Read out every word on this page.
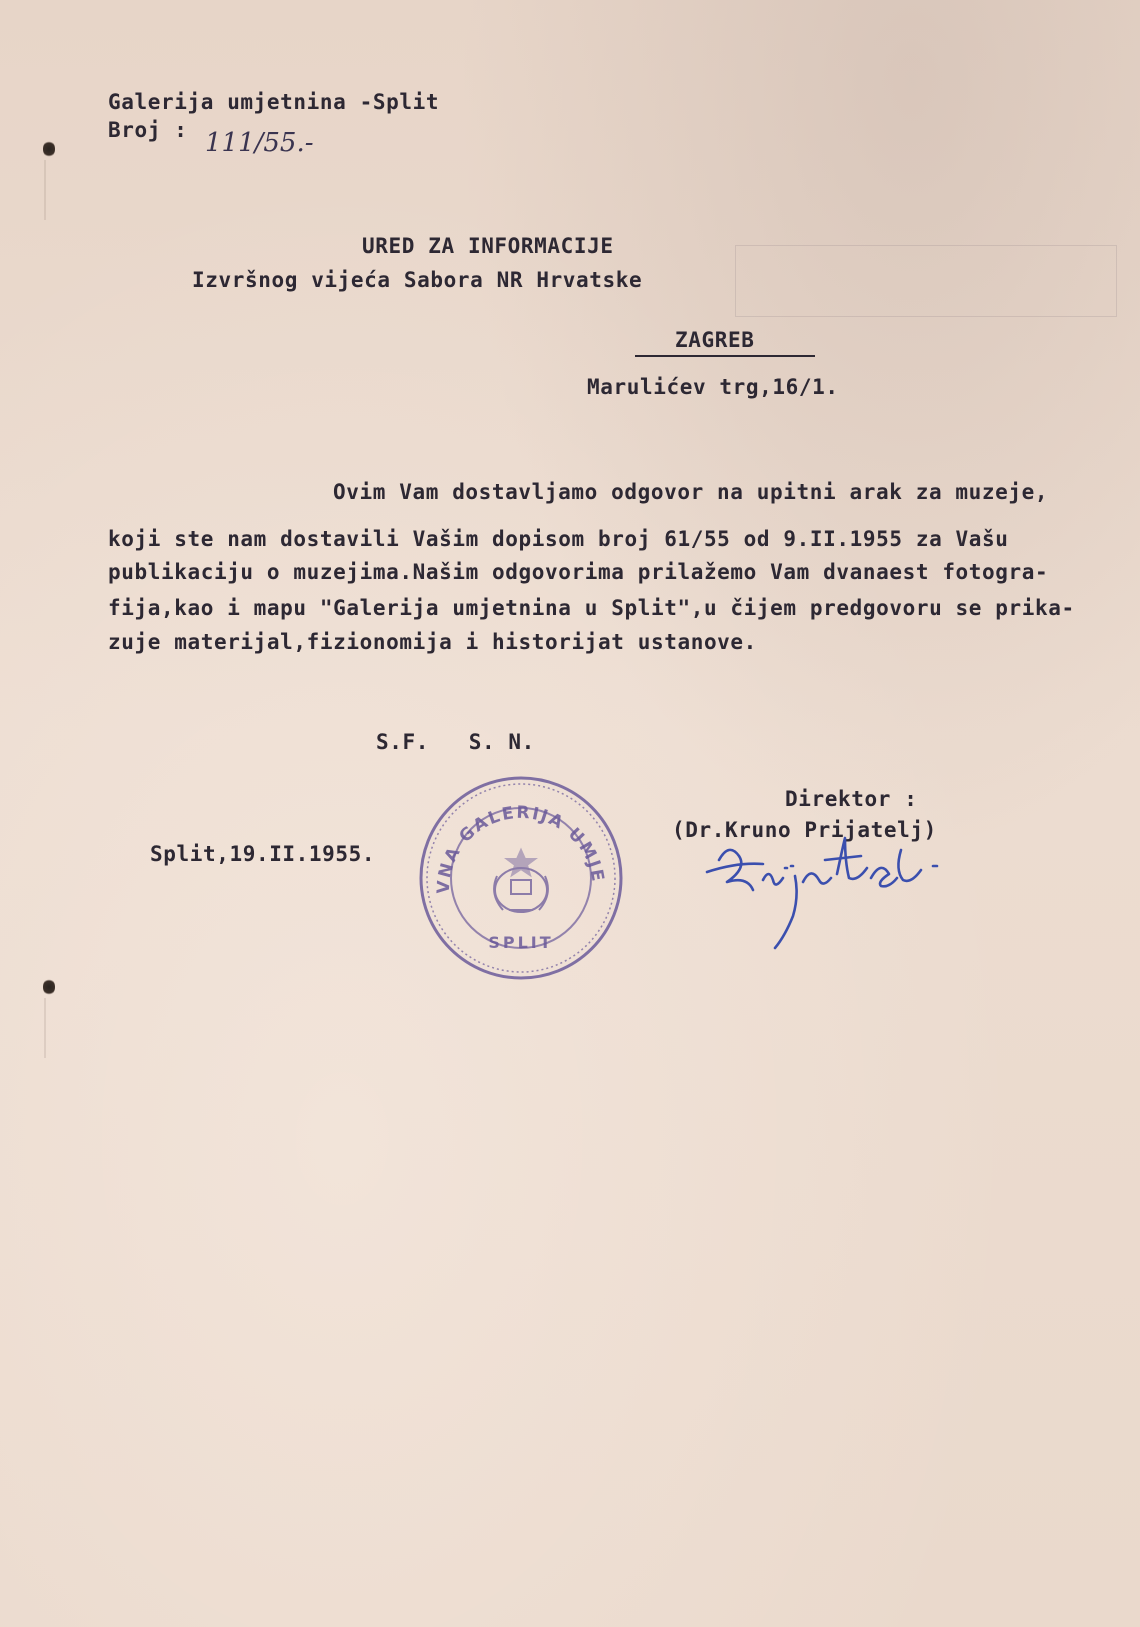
Galerija umjetnina -Split
Broj : 111/55.-
URED ZA INFORMACIJE
Izvršnog vijeća Sabora NR Hrvatske
ZAGREB
Marulićev trg,16/1.
Ovim Vam dostavljamo odgovor na upitni arak za muzeje,
koji ste nam dostavili Vašim dopisom broj 61/55 od 9.II.1955 za Vašu
publikaciju o muzejima.Našim odgovorima prilažemo Vam dvanaest fotogra-
fija,kao i mapu "Galerija umjetnina u Split",u čijem predgovoru se prika-
zuje materijal,fizionomija i historijat ustanove.
S.F.   S. N.
Direktor :
(Dr.Kruno Prijatelj)
Split,19.II.1955.
VNA GALERIJA UMJE
SPLIT
